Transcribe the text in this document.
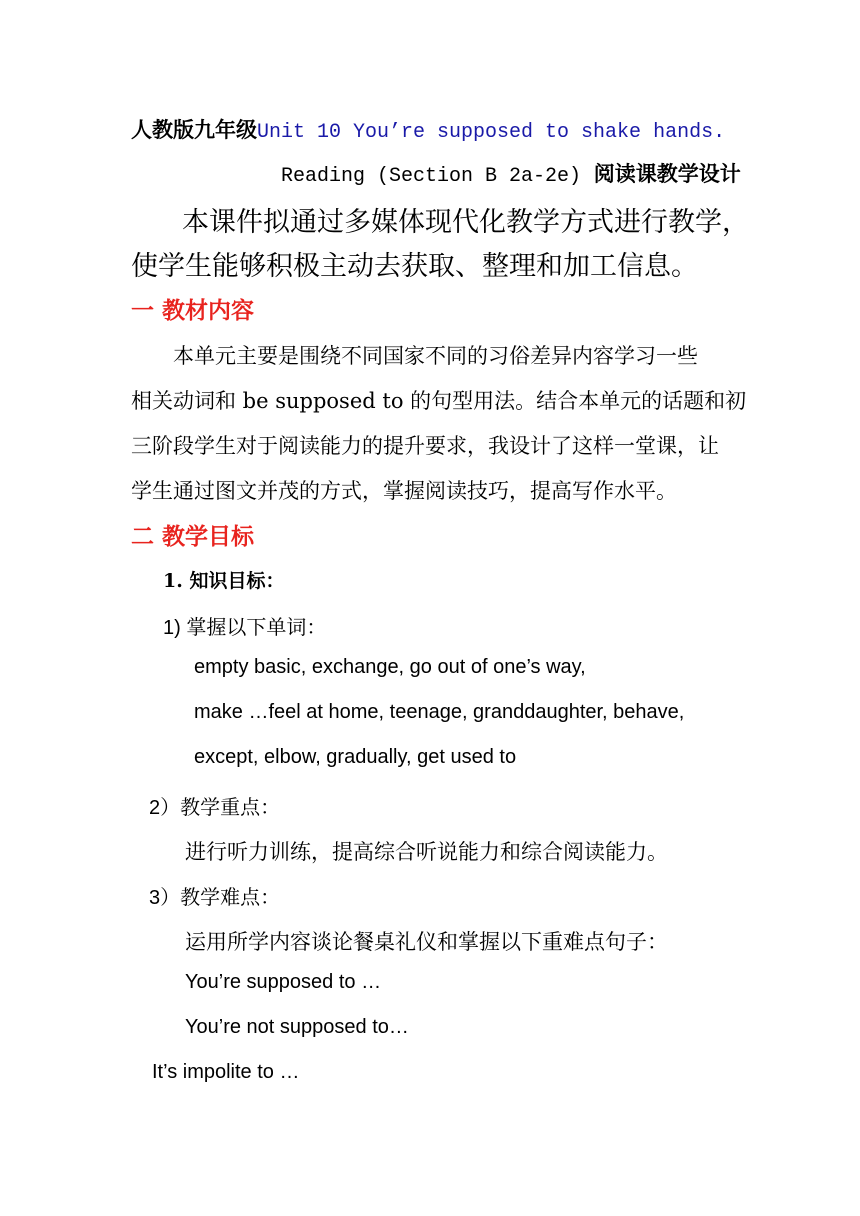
人教版九年级Unit 10 You’re supposed to shake hands.
Reading (Section B 2a-2e) 阅读课教学设计

本课件拟通过多媒体现代化教学方式进行教学，

使学生能够积极主动去获取、整理和加工信息。

一 教材内容

本单元主要是围绕不同国家不同的习俗差异内容学习一些

相关动词和 be supposed to 的句型用法。结合本单元的话题和初

三阶段学生对于阅读能力的提升要求，我设计了这样一堂课，让

学生通过图文并茂的方式，掌握阅读技巧，提高写作水平。

二 教学目标

1. 知识目标：

1) 掌握以下单词：

empty basic, exchange, go out of one’s way,

make …feel at home, teenage, granddaughter, behave,

except, elbow, gradually, get used to

2）教学重点：

进行听力训练，提高综合听说能力和综合阅读能力。

3）教学难点：

运用所学内容谈论餐桌礼仪和掌握以下重难点句子：

You’re supposed to …

You’re not supposed to…

It’s impolite to …
